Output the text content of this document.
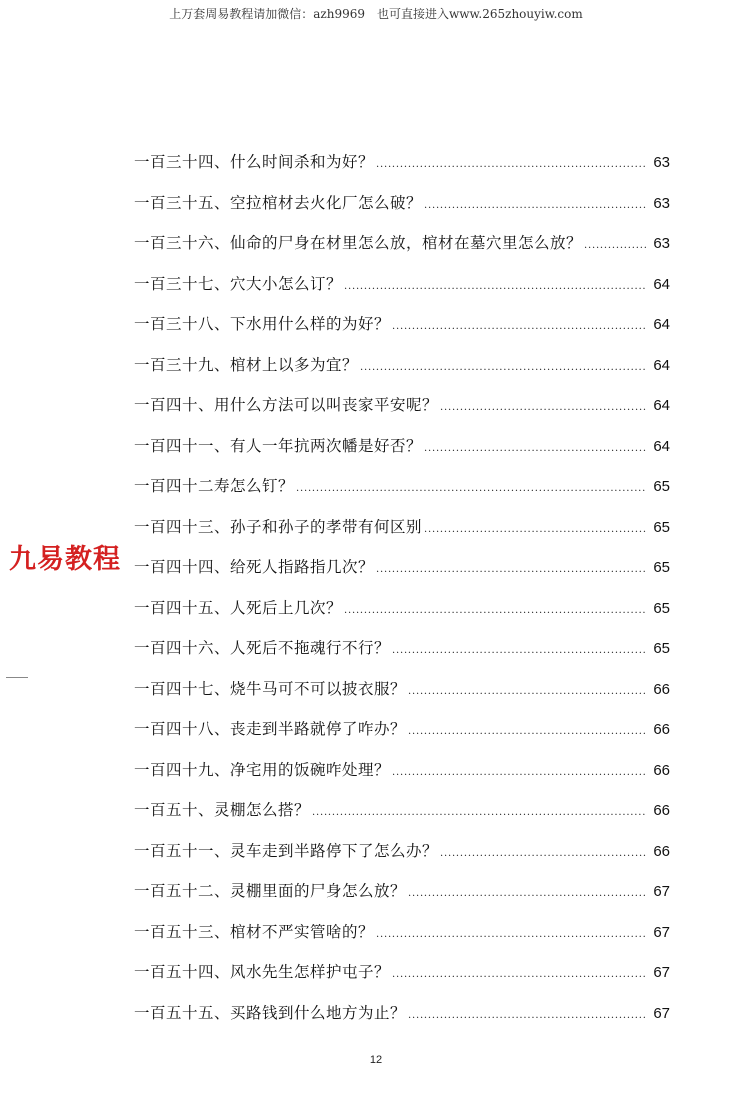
上万套周易教程请加微信：azh9969　也可直接进入www.265zhouyiw.com
一百三十四、什么时间杀和为好？ .....	63
一百三十五、空拉棺材去火化厂怎么破？ .....	63
一百三十六、仙命的尸身在材里怎么放，棺材在墓穴里怎么放？ .....	63
一百三十七、穴大小怎么订？ .....	64
一百三十八、下水用什么样的为好？ .....	64
一百三十九、棺材上以多为宜？ .....	64
一百四十、用什么方法可以叫丧家平安呢？ .....	64
一百四十一、有人一年抗两次幡是好否？ .....	64
一百四十二寿怎么钉？ .....	65
一百四十三、孙子和孙子的孝带有何区别 .....	65
一百四十四、给死人指路指几次？ .....	65
一百四十五、人死后上几次？ .....	65
一百四十六、人死后不拖魂行不行？ .....	65
一百四十七、烧牛马可不可以披衣服？ .....	66
一百四十八、丧走到半路就停了咋办？ .....	66
一百四十九、净宅用的饭碗咋处理？ .....	66
一百五十、灵棚怎么搭？ .....	66
一百五十一、灵车走到半路停下了怎么办？ .....	66
一百五十二、灵棚里面的尸身怎么放？ .....	67
一百五十三、棺材不严实管啥的？ .....	67
一百五十四、风水先生怎样护屯子？ .....	67
一百五十五、买路钱到什么地方为止？ .....	67
九易教程
12
